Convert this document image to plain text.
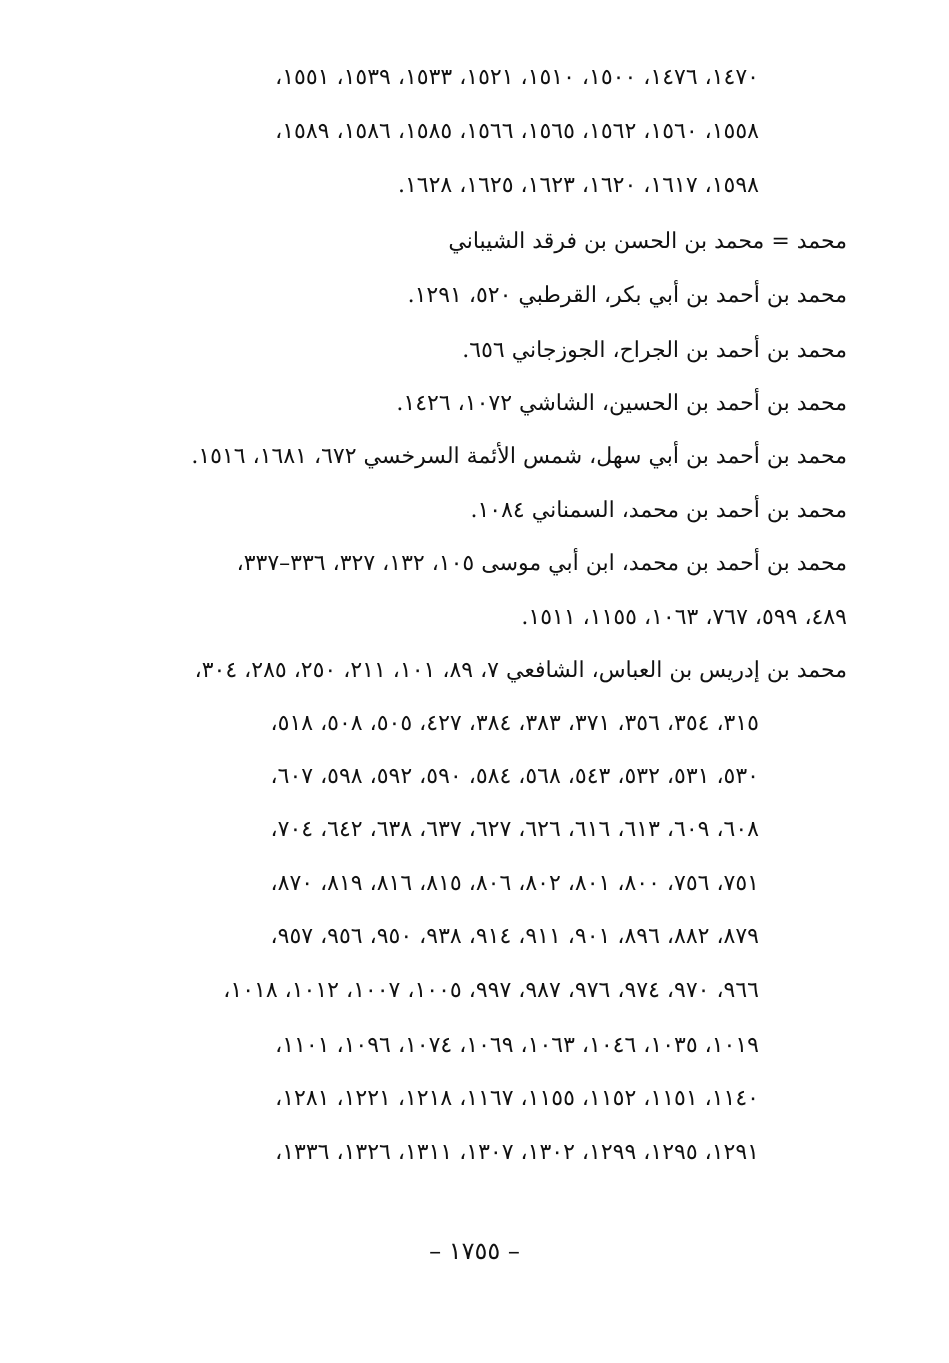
١٤٧٠، ١٤٧٦، ١٥٠٠، ١٥١٠، ١٥٢١، ١٥٣٣، ١٥٣٩، ١٥٥١،
١٥٥٨، ١٥٦٠، ١٥٦٢، ١٥٦٥، ١٥٦٦، ١٥٨٥، ١٥٨٦، ١٥٨٩،
١٥٩٨، ١٦١٧، ١٦٢٠، ١٦٢٣، ١٦٢٥، ١٦٢٨.
محمد = محمد بن الحسن بن فرقد الشيباني
محمد بن أحمد بن أبي بكر، القرطبي ٥٢٠، ١٢٩١.
محمد بن أحمد بن الجراح، الجوزجاني ٦٥٦.
محمد بن أحمد بن الحسين، الشاشي ١٠٧٢، ١٤٢٦.
محمد بن أحمد بن أبي سهل، شمس الأئمة السرخسي ٦٧٢، ١٦٨١، ١٥١٦.
محمد بن أحمد بن محمد، السمناني ١٠٨٤.
محمد بن أحمد بن محمد، ابن أبي موسى ١٠٥، ١٣٢، ٣٢٧، ٣٣٦–٣٣٧،
٤٨٩، ٥٩٩، ٧٦٧، ١٠٦٣، ١١٥٥، ١٥١١.
محمد بن إدريس بن العباس، الشافعي ٧، ٨٩، ١٠١، ٢١١، ٢٥٠، ٢٨٥، ٣٠٤،
٣١٥، ٣٥٤، ٣٥٦، ٣٧١، ٣٨٣، ٣٨٤، ٤٢٧، ٥٠٥، ٥٠٨، ٥١٨،
٥٣٠، ٥٣١، ٥٣٢، ٥٤٣، ٥٦٨، ٥٨٤، ٥٩٠، ٥٩٢، ٥٩٨، ٦٠٧،
٦٠٨، ٦٠٩، ٦١٣، ٦١٦، ٦٢٦، ٦٢٧، ٦٣٧، ٦٣٨، ٦٤٢، ٧٠٤،
٧٥١، ٧٥٦، ٨٠٠، ٨٠١، ٨٠٢، ٨٠٦، ٨١٥، ٨١٦، ٨١٩، ٨٧٠،
٨٧٩، ٨٨٢، ٨٩٦، ٩٠١، ٩١١، ٩١٤، ٩٣٨، ٩٥٠، ٩٥٦، ٩٥٧،
٩٦٦، ٩٧٠، ٩٧٤، ٩٧٦، ٩٨٧، ٩٩٧، ١٠٠٥، ١٠٠٧، ١٠١٢، ١٠١٨،
١٠١٩، ١٠٣٥، ١٠٤٦، ١٠٦٣، ١٠٦٩، ١٠٧٤، ١٠٩٦، ١١٠١،
١١٤٠، ١١٥١، ١١٥٢، ١١٥٥، ١١٦٧، ١٢١٨، ١٢٢١، ١٢٨١،
١٢٩١، ١٢٩٥، ١٢٩٩، ١٣٠٢، ١٣٠٧، ١٣١١، ١٣٢٦، ١٣٣٦،
– ١٧٥٥ –
